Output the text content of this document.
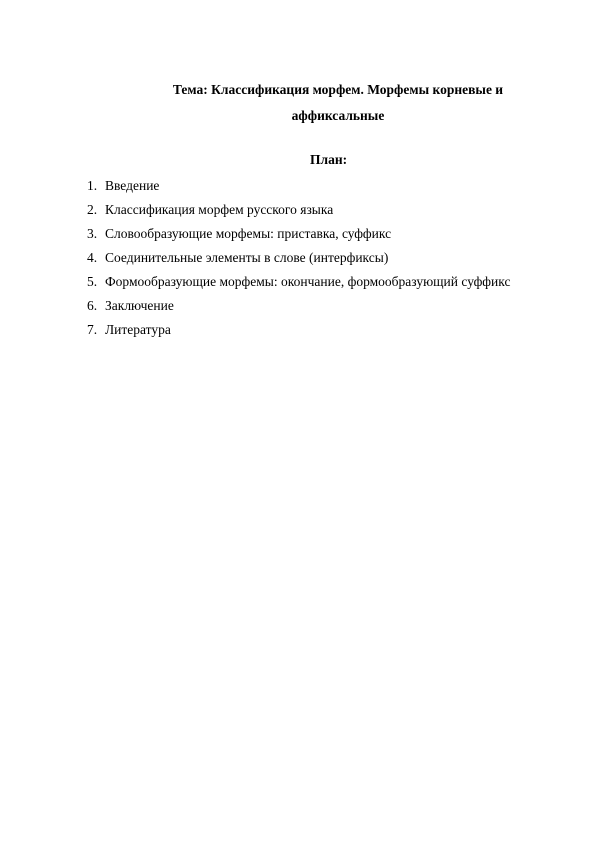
Тема: Классификация морфем. Морфемы корневые и
аффиксальные
План:
1. Введение
2. Классификация морфем русского языка
3. Словообразующие морфемы: приставка, суффикс
4. Соединительные элементы в слове (интерфиксы)
5. Формообразующие морфемы: окончание, формообразующий суффикс
6. Заключение
7. Литература
